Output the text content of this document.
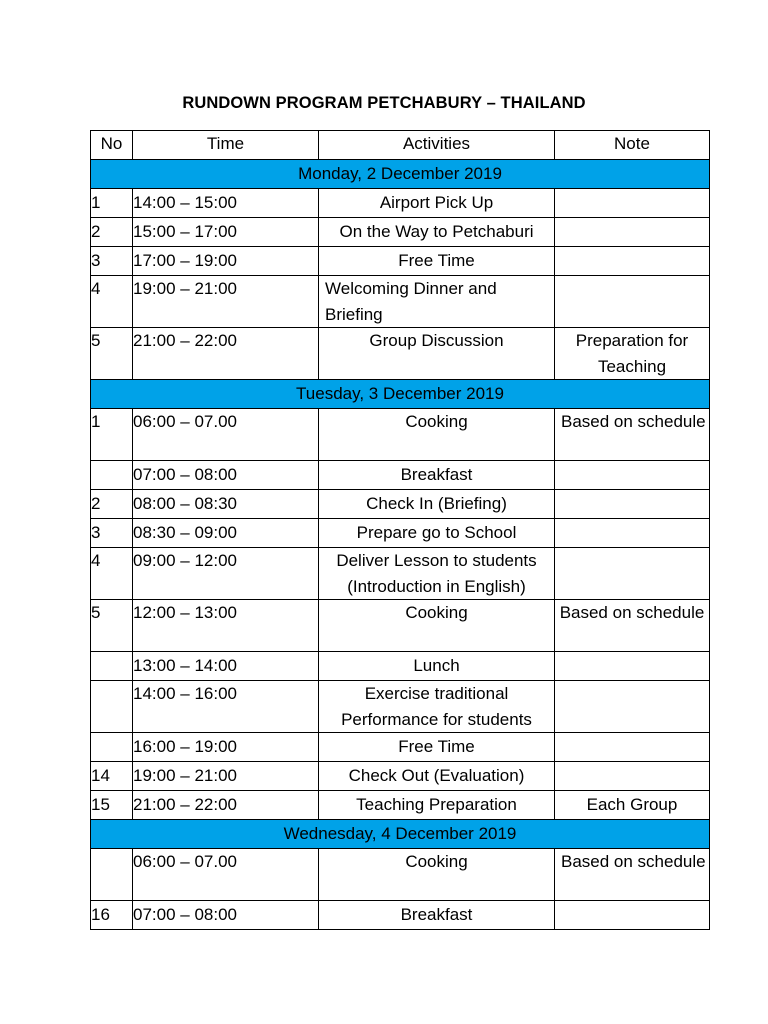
RUNDOWN PROGRAM PETCHABURY – THAILAND
No	Time	Activities	Note
Monday, 2 December 2019			
1	14:00 – 15:00	Airport Pick Up	
2	15:00 – 17:00	On the Way to Petchaburi	
3	17:00 – 19:00	Free Time	
4	19:00 – 21:00	Welcoming Dinner and Briefing	
5	21:00 – 22:00	Group Discussion	Preparation for Teaching
Tuesday, 3 December 2019			
1	06:00 – 07.00	Cooking	Based on schedule
	07:00 – 08:00	Breakfast	
2	08:00 – 08:30	Check In (Briefing)	
3	08:30 – 09:00	Prepare go to School	
4	09:00 – 12:00	Deliver Lesson to students (Introduction in English)	
5	12:00 – 13:00	Cooking	Based on schedule
	13:00 – 14:00	Lunch	
	14:00 – 16:00	Exercise traditional Performance for students	
	16:00 – 19:00	Free Time	
14	19:00 – 21:00	Check Out (Evaluation)	
15	21:00 – 22:00	Teaching Preparation	Each Group
Wednesday, 4 December 2019			
	06:00 – 07.00	Cooking	Based on schedule
16	07:00 – 08:00	Breakfast	
